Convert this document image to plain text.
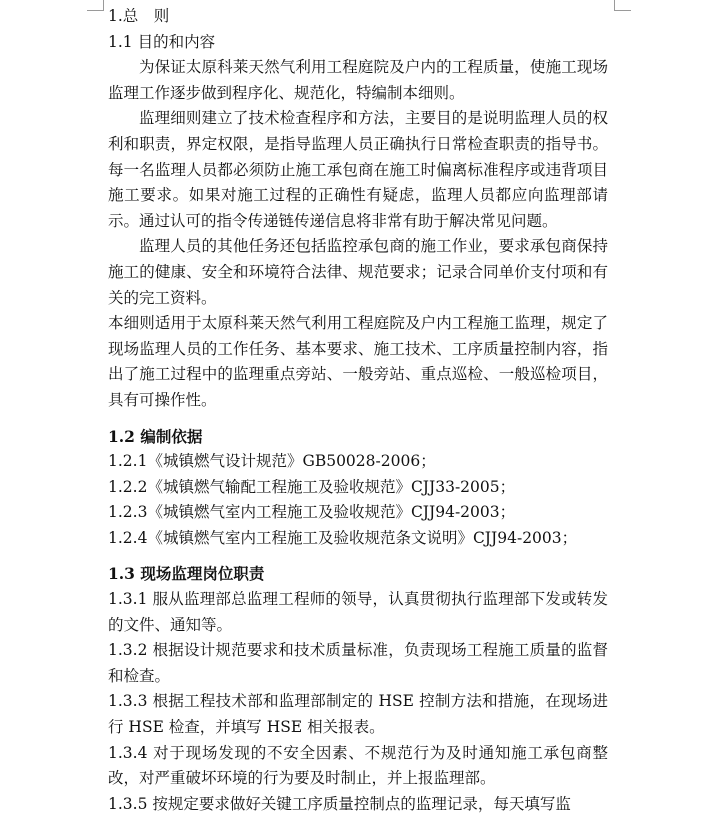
1.总　则
1.1 目的和内容

为保证太原科莱天然气利用工程庭院及户内的工程质量，使施工现场监理工作逐步做到程序化、规范化，特编制本细则。

监理细则建立了技术检查程序和方法，主要目的是说明监理人员的权利和职责，界定权限，是指导监理人员正确执行日常检查职责的指导书。每一名监理人员都必须防止施工承包商在施工时偏离标准程序或违背项目施工要求。如果对施工过程的正确性有疑虑，监理人员都应向监理部请示。通过认可的指令传递链传递信息将非常有助于解决常见问题。

监理人员的其他任务还包括监控承包商的施工作业，要求承包商保持施工的健康、安全和环境符合法律、规范要求；记录合同单价支付项和有关的完工资料。

本细则适用于太原科莱天然气利用工程庭院及户内工程施工监理，规定了现场监理人员的工作任务、基本要求、施工技术、工序质量控制内容，指出了施工过程中的监理重点旁站、一般旁站、重点巡检、一般巡检项目，具有可操作性。

1.2 编制依据
1.2.1《城镇燃气设计规范》GB50028-2006；
1.2.2《城镇燃气输配工程施工及验收规范》CJJ33-2005；
1.2.3《城镇燃气室内工程施工及验收规范》CJJ94-2003；
1.2.4《城镇燃气室内工程施工及验收规范条文说明》CJJ94-2003；
1.3 现场监理岗位职责
1.3.1 服从监理部总监理工程师的领导，认真贯彻执行监理部下发或转发的文件、通知等。
1.3.2 根据设计规范要求和技术质量标准，负责现场工程施工质量的监督和检查。
1.3.3 根据工程技术部和监理部制定的 HSE 控制方法和措施，在现场进行 HSE 检查，并填写 HSE 相关报表。
1.3.4 对于现场发现的不安全因素、不规范行为及时通知施工承包商整改，对严重破坏环境的行为要及时制止，并上报监理部。
1.3.5 按规定要求做好关键工序质量控制点的监理记录，每天填写监
